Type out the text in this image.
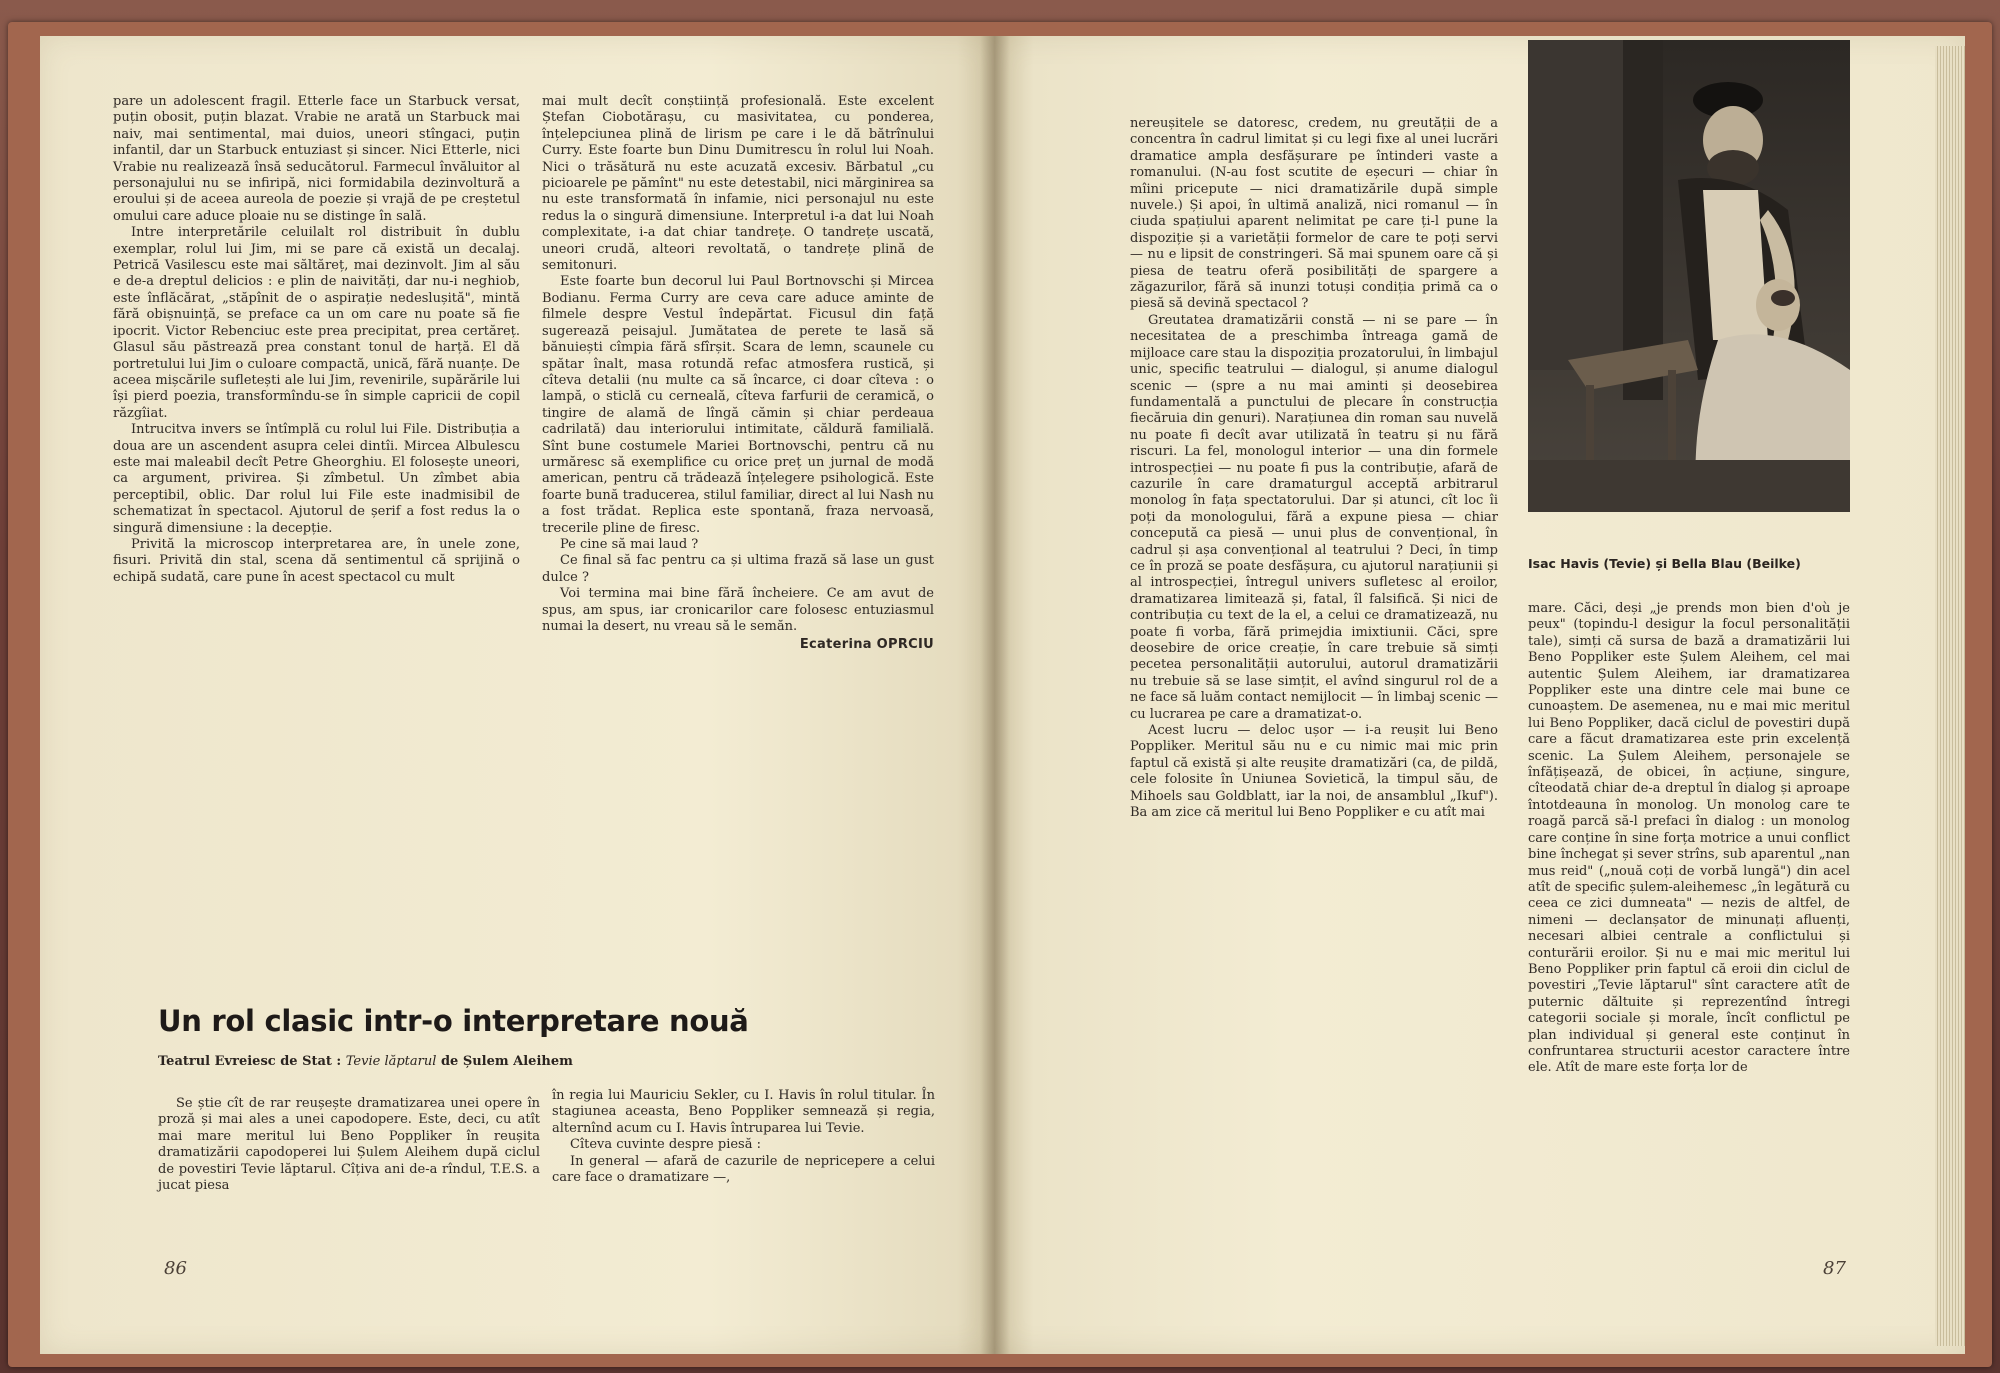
pare un adolescent fragil. Etterle face un Starbuck versat, puțin obosit, puțin blazat. Vrabie ne arată un Starbuck mai naiv, mai sentimental, mai duios, uneori stîngaci, puțin infantil, dar un Starbuck entuziast și sincer. Nici Etterle, nici Vrabie nu realizează însă seducătorul. Farmecul învăluitor al personajului nu se infiripă, nici formidabila dezinvoltură a eroului și de aceea aureola de poezie și vrajă de pe creștetul omului care aduce ploaie nu se distinge în sală.

Intre interpretările celuilalt rol distribuit în dublu exemplar, rolul lui Jim, mi se pare că există un decalaj. Petrică Vasilescu este mai săltăreț, mai dezinvolt. Jim al său e de-a dreptul delicios : e plin de naivități, dar nu-i neghiob, este înflăcărat, „stăpînit de o aspirație nedeslușită", mintă fără obișnuință, se preface ca un om care nu poate să fie ipocrit. Victor Rebenciuc este prea precipitat, prea certăreț. Glasul său păstrează prea constant tonul de harță. El dă portretului lui Jim o culoare compactă, unică, fără nuanțe. De aceea mișcările sufletești ale lui Jim, revenirile, supărările lui își pierd poezia, transformîndu-se în simple capricii de copil răzgîiat.

Intrucitva invers se întîmplă cu rolul lui File. Distribuția a doua are un ascendent asupra celei dintîi. Mircea Albulescu este mai maleabil decît Petre Gheorghiu. El folosește uneori, ca argument, privirea. Și zîmbetul. Un zîmbet abia perceptibil, oblic. Dar rolul lui File este inadmisibil de schematizat în spectacol. Ajutorul de șerif a fost redus la o singură dimensiune : la decepție.

Privită la microscop interpretarea are, în unele zone, fisuri. Privită din stal, scena dă sentimentul că sprijină o echipă sudată, care pune în acest spectacol cu mult

mai mult decît conștiință profesională. Este excelent Ștefan Ciobotărașu, cu masivitatea, cu ponderea, înțelepciunea plină de lirism pe care i le dă bătrînului Curry. Este foarte bun Dinu Dumitrescu în rolul lui Noah. Nici o trăsătură nu este acuzată excesiv. Bărbatul „cu picioarele pe pămînt" nu este detestabil, nici mărginirea sa nu este transformată în infamie, nici personajul nu este redus la o singură dimensiune. Interpretul i-a dat lui Noah complexitate, i-a dat chiar tandrețe. O tandrețe uscată, uneori crudă, alteori revoltată, o tandrețe plină de semitonuri.

Este foarte bun decorul lui Paul Bortnovschi și Mircea Bodianu. Ferma Curry are ceva care aduce aminte de filmele despre Vestul îndepărtat. Ficusul din față sugerează peisajul. Jumătatea de perete te lasă să bănuiești cîmpia fără sfîrșit. Scara de lemn, scaunele cu spătar înalt, masa rotundă refac atmosfera rustică, și cîteva detalii (nu multe ca să încarce, ci doar cîteva : o lampă, o sticlă cu cerneală, cîteva farfurii de ceramică, o tingire de alamă de lîngă cămin și chiar perdeaua cadrilată) dau interiorului intimitate, căldură familială. Sînt bune costumele Mariei Bortnovschi, pentru că nu urmăresc să exemplifice cu orice preț un jurnal de modă american, pentru că trădează înțelegere psihologică. Este foarte bună traducerea, stilul familiar, direct al lui Nash nu a fost trădat. Replica este spontană, fraza nervoasă, trecerile pline de firesc.

Pe cine să mai laud ?

Ce final să fac pentru ca și ultima frază să lase un gust dulce ?

Voi termina mai bine fără încheiere. Ce am avut de spus, am spus, iar cronicarilor care folosesc entuziasmul numai la desert, nu vreau să le semăn.

Ecaterina OPRCIU
Un rol clasic intr-o interpretare nouă
Teatrul Evreiesc de Stat : Tevie lăptarul de Șulem Aleihem

Se știe cît de rar reușește dramatizarea unei opere în proză și mai ales a unei capodopere. Este, deci, cu atît mai mare meritul lui Beno Poppliker în reușita dramatizării capodoperei lui Șulem Aleihem după ciclul de povestiri Tevie lăptarul. Cîțiva ani de-a rîndul, T.E.S. a jucat piesa

în regia lui Mauriciu Sekler, cu I. Havis în rolul titular. În stagiunea aceasta, Beno Poppliker semnează și regia, alternînd acum cu I. Havis întruparea lui Tevie.

Cîteva cuvinte despre piesă :

In general — afară de cazurile de nepricepere a celui care face o dramatizare —,

86

nereușitele se datoresc, credem, nu greutății de a concentra în cadrul limitat și cu legi fixe al unei lucrări dramatice ampla desfășurare pe întinderi vaste a romanului. (N-au fost scutite de eșecuri — chiar în mîini pricepute — nici dramatizările după simple nuvele.) Și apoi, în ultimă analiză, nici romanul — în ciuda spațiului aparent nelimitat pe care ți-l pune la dispoziție și a varietății formelor de care te poți servi — nu e lipsit de constringeri. Să mai spunem oare că și piesa de teatru oferă posibilități de spargere a zăgazurilor, fără să inunzi totuși condiția primă ca o piesă să devină spectacol ?

Greutatea dramatizării constă — ni se pare — în necesitatea de a preschimba întreaga gamă de mijloace care stau la dispoziția prozatorului, în limbajul unic, specific teatrului — dialogul, și anume dialogul scenic — (spre a nu mai aminti și deosebirea fundamentală a punctului de plecare în construcția fiecăruia din genuri). Narațiunea din roman sau nuvelă nu poate fi decît avar utilizată în teatru și nu fără riscuri. La fel, monologul interior — una din formele introspecției — nu poate fi pus la contribuție, afară de cazurile în care dramaturgul acceptă arbitrarul monolog în fața spectatorului. Dar și atunci, cît loc îi poți da monologului, fără a expune piesa — chiar concepută ca piesă — unui plus de convențional, în cadrul și așa convențional al teatrului ? Deci, în timp ce în proză se poate desfășura, cu ajutorul narațiunii și al introspecției, întregul univers sufletesc al eroilor, dramatizarea limitează și, fatal, îl falsifică. Și nici de contribuția cu text de la el, a celui ce dramatizează, nu poate fi vorba, fără primejdia imixtiunii. Căci, spre deosebire de orice creație, în care trebuie să simți pecetea personalității autorului, autorul dramatizării nu trebuie să se lase simțit, el avînd singurul rol de a ne face să luăm contact nemijlocit — în limbaj scenic — cu lucrarea pe care a dramatizat-o.

Acest lucru — deloc ușor — i-a reușit lui Beno Poppliker. Meritul său nu e cu nimic mai mic prin faptul că există și alte reușite dramatizări (ca, de pildă, cele folosite în Uniunea Sovietică, la timpul său, de Mihoels sau Goldblatt, iar la noi, de ansamblul „Ikuf"). Ba am zice că meritul lui Beno Poppliker e cu atît mai

Isac Havis (Tevie) și Bella Blau (Beilke)

mare. Căci, deși „je prends mon bien d'où je peux" (topindu-l desigur la focul personalității tale), simți că sursa de bază a dramatizării lui Beno Poppliker este Șulem Aleihem, cel mai autentic Șulem Aleihem, iar dramatizarea Poppliker este una dintre cele mai bune ce cunoaștem. De asemenea, nu e mai mic meritul lui Beno Poppliker, dacă ciclul de povestiri după care a făcut dramatizarea este prin excelență scenic. La Șulem Aleihem, personajele se înfățișează, de obicei, în acțiune, singure, cîteodată chiar de-a dreptul în dialog și aproape întotdeauna în monolog. Un monolog care te roagă parcă să-l prefaci în dialog : un monolog care conține în sine forța motrice a unui conflict bine închegat și sever strîns, sub aparentul „nan mus reid" („nouă coți de vorbă lungă") din acel atît de specific șulem-aleihemesc „în legătură cu ceea ce zici dumneata" — nezis de altfel, de nimeni — declanșator de minunați afluenți, necesari albiei centrale a conflictului și conturării eroilor. Și nu e mai mic meritul lui Beno Poppliker prin faptul că eroii din ciclul de povestiri „Tevie lăptarul" sînt caractere atît de puternic dăltuite și reprezentînd întregi categorii sociale și morale, încît conflictul pe plan individual și general este conținut în confruntarea structurii acestor caractere între ele. Atît de mare este forța lor de

87
